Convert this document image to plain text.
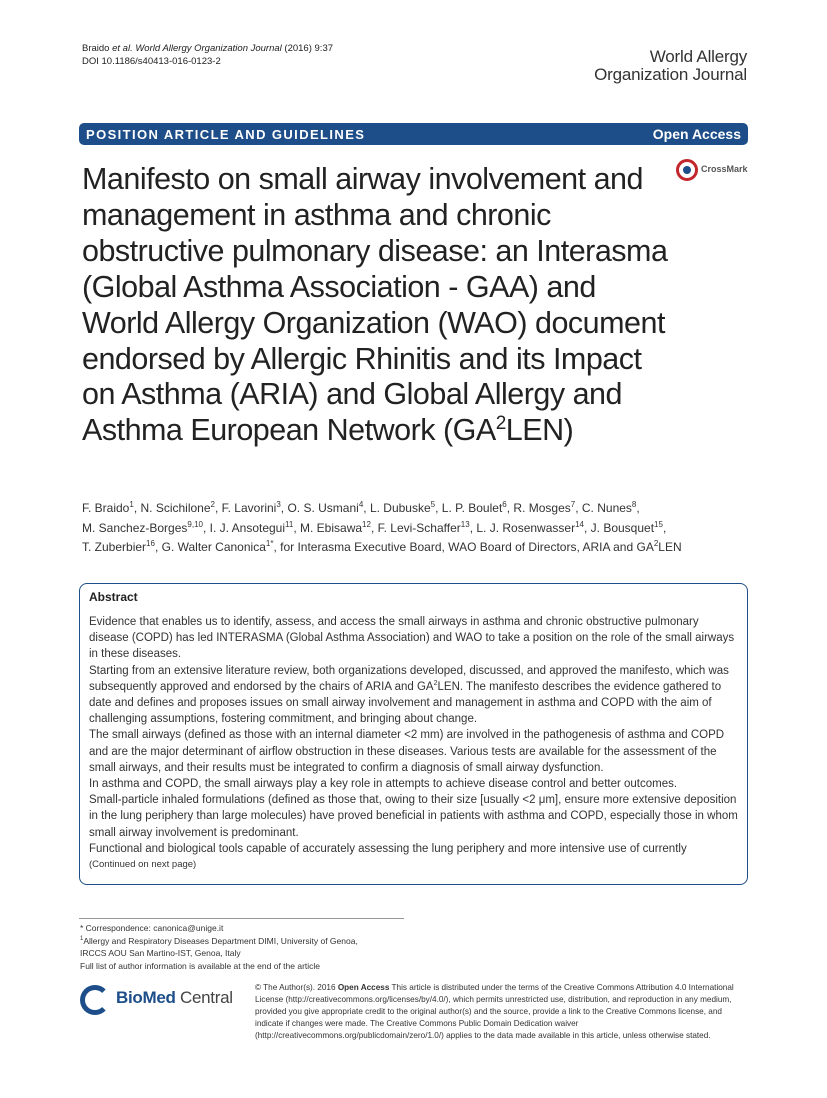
Braido et al. World Allergy Organization Journal (2016) 9:37
DOI 10.1186/s40413-016-0123-2	World Allergy
Organization Journal
POSITION ARTICLE AND GUIDELINES	Open Access
Manifesto on small airway involvement and management in asthma and chronic obstructive pulmonary disease: an Interasma (Global Asthma Association - GAA) and World Allergy Organization (WAO) document endorsed by Allergic Rhinitis and its Impact on Asthma (ARIA) and Global Allergy and Asthma European Network $(GA^2LEN)$
CrossMark
F. Braido$^1$, N. Scichilone$^2$, F. Lavorini$^3$, O. S. Usmani$^4$, L. Dubuske$^5$, L. P. Boulet$^6$, R. Mosges$^7$, C. Nunes$^8$,
M. Sanchez-Borges$^{9,10}$, I. J. Ansotegui$^{11}$, M. Ebisawa$^{12}$, F. Levi-Schaffer$^{13}$, L. J. Rosenwasser$^{14}$, J. Bousquet$^{15}$,
T. Zuberbier$^{16}$, G. Walter Canonica$^{1*}$, for Interasma Executive Board, WAO Board of Directors, ARIA and $GA^2LEN$
Abstract

Evidence that enables us to identify, assess, and access the small airways in asthma and chronic obstructive pulmonary disease (COPD) has led INTERASMA (Global Asthma Association) and WAO to take a position on the role of the small airways in these diseases.

Starting from an extensive literature review, both organizations developed, discussed, and approved the manifesto, which was subsequently approved and endorsed by the chairs of ARIA and $GA^2LEN$. The manifesto describes the evidence gathered to date and defines and proposes issues on small airway involvement and management in asthma and COPD with the aim of challenging assumptions, fostering commitment, and bringing about change.

The small airways (defined as those with an internal diameter <2 mm) are involved in the pathogenesis of asthma and COPD and are the major determinant of airflow obstruction in these diseases. Various tests are available for the assessment of the small airways, and their results must be integrated to confirm a diagnosis of small airway dysfunction.

In asthma and COPD, the small airways play a key role in attempts to achieve disease control and better outcomes.

Small-particle inhaled formulations (defined as those that, owing to their size [usually <2 μm], ensure more extensive deposition in the lung periphery than large molecules) have proved beneficial in patients with asthma and COPD, especially those in whom small airway involvement is predominant.

Functional and biological tools capable of accurately assessing the lung periphery and more intensive use of currently

(Continued on next page)

* Correspondence: canonica@unige.it
$^1$Allergy and Respiratory Diseases Department DIMI, University of Genoa,
IRCCS AOU San Martino-IST, Genoa, Italy
Full list of author information is available at the end of the article
BioMed Central
© The Author(s). 2016 Open Access This article is distributed under the terms of the Creative Commons Attribution 4.0 International License (http://creativecommons.org/licenses/by/4.0/), which permits unrestricted use, distribution, and reproduction in any medium, provided you give appropriate credit to the original author(s) and the source, provide a link to the Creative Commons license, and indicate if changes were made. The Creative Commons Public Domain Dedication waiver (http://creativecommons.org/publicdomain/zero/1.0/) applies to the data made available in this article, unless otherwise stated.
